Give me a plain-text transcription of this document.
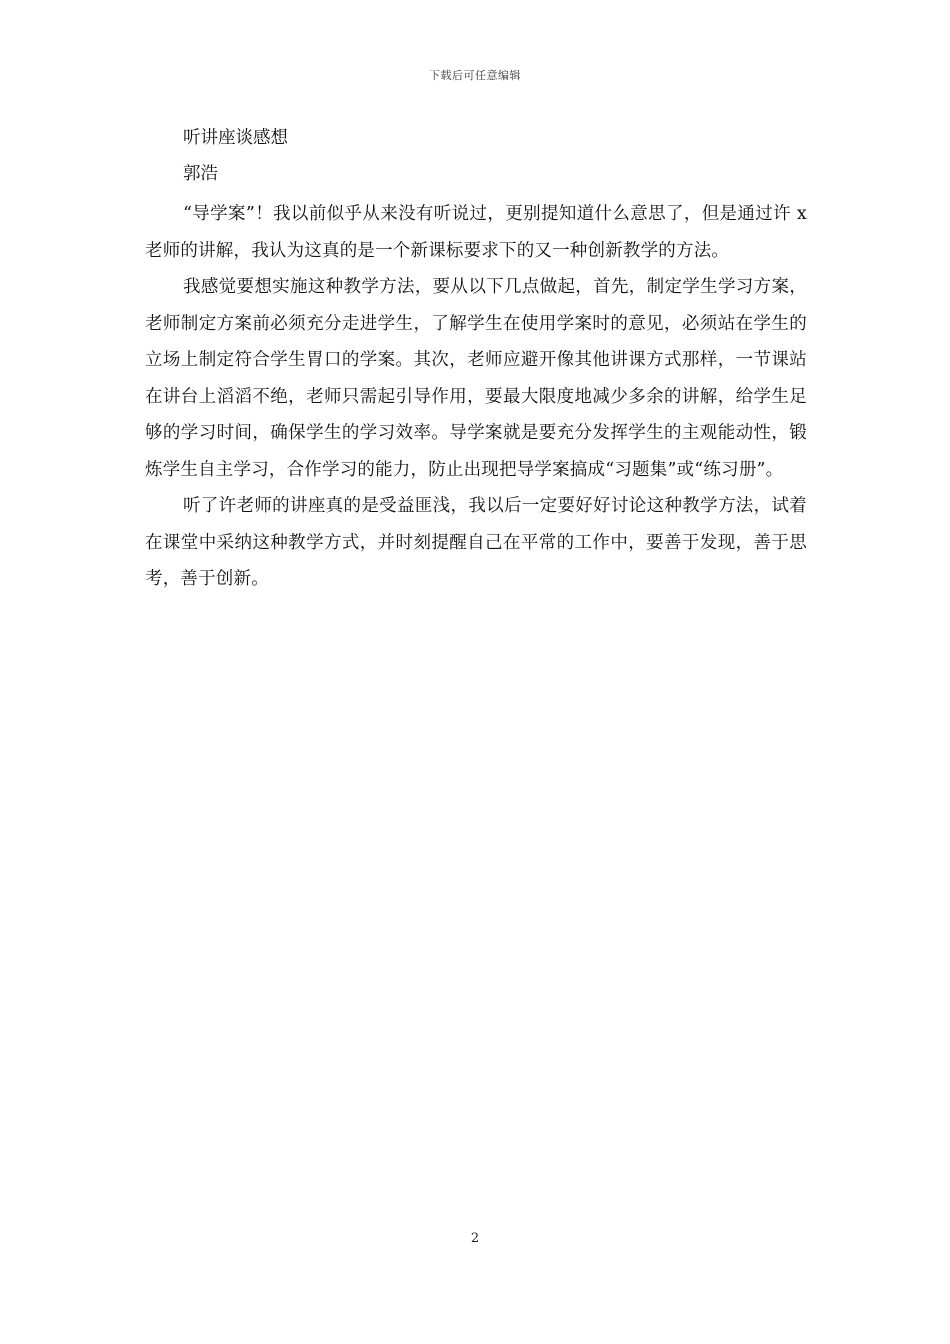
下载后可任意编辑

听讲座谈感想

郭浩

“导学案”！我以前似乎从来没有听说过，更别提知道什么意思了，但是通过许 x 老师的讲解，我认为这真的是一个新课标要求下的又一种创新教学的方法。

我感觉要想实施这种教学方法，要从以下几点做起，首先，制定学生学习方案，老师制定方案前必须充分走进学生，了解学生在使用学案时的意见，必须站在学生的立场上制定符合学生胃口的学案。其次，老师应避开像其他讲课方式那样，一节课站在讲台上滔滔不绝，老师只需起引导作用，要最大限度地减少多余的讲解，给学生足够的学习时间，确保学生的学习效率。导学案就是要充分发挥学生的主观能动性，锻炼学生自主学习，合作学习的能力，防止出现把导学案搞成“习题集”或“练习册”。

听了许老师的讲座真的是受益匪浅，我以后一定要好好讨论这种教学方法，试着在课堂中采纳这种教学方式，并时刻提醒自己在平常的工作中，要善于发现，善于思考，善于创新。

2
